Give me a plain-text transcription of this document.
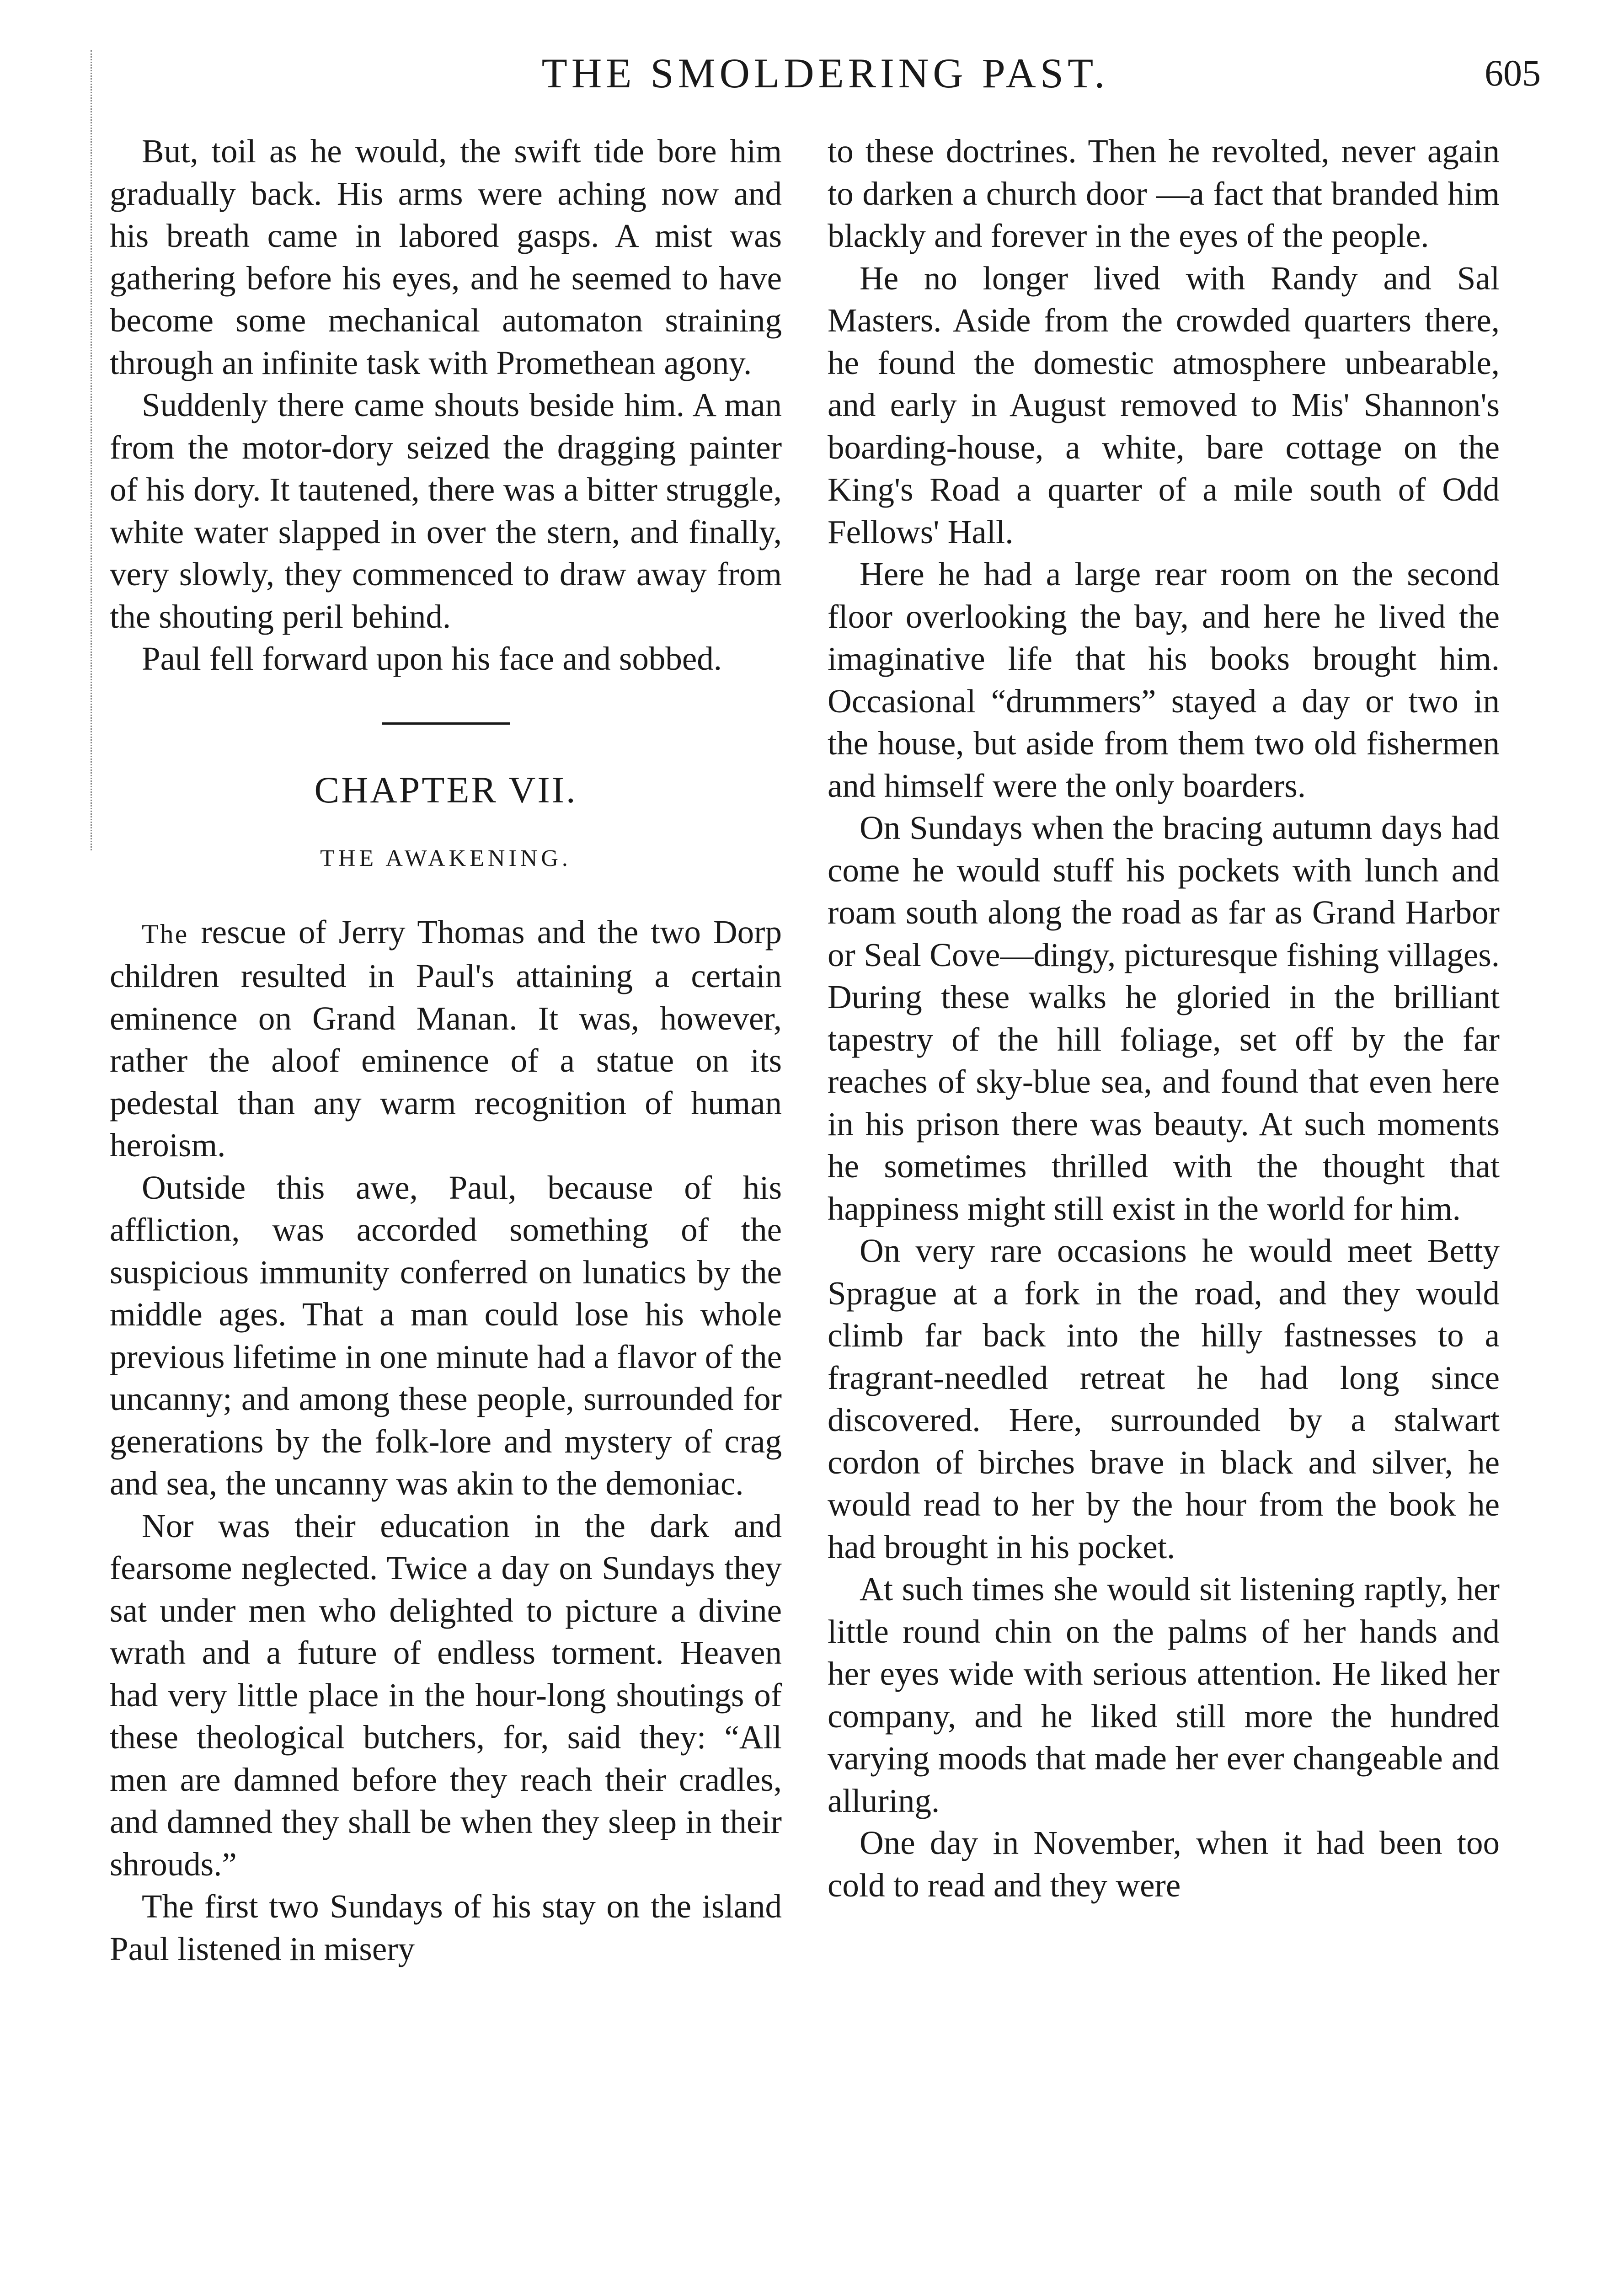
THE SMOLDERING PAST.	605

But, toil as he would, the swift tide bore him gradually back. His arms were aching now and his breath came in labored gasps. A mist was gathering before his eyes, and he seemed to have become some mechanical automaton straining through an infinite task with Promethean agony.

Suddenly there came shouts beside him. A man from the motor-dory seized the dragging painter of his dory. It tautened, there was a bitter struggle, white water slapped in over the stern, and finally, very slowly, they commenced to draw away from the shouting peril behind.

Paul fell forward upon his face and sobbed.

CHAPTER VII.

THE AWAKENING.

The rescue of Jerry Thomas and the two Dorp children resulted in Paul's attaining a certain eminence on Grand Manan. It was, however, rather the aloof eminence of a statue on its pedestal than any warm recognition of human heroism.

Outside this awe, Paul, because of his affliction, was accorded something of the suspicious immunity conferred on lunatics by the middle ages. That a man could lose his whole previous lifetime in one minute had a flavor of the uncanny; and among these people, surrounded for generations by the folk-lore and mystery of crag and sea, the uncanny was akin to the demoniac.

Nor was their education in the dark and fearsome neglected. Twice a day on Sundays they sat under men who delighted to picture a divine wrath and a future of endless torment. Heaven had very little place in the hour-long shoutings of these theological butchers, for, said they: “All men are damned before they reach their cradles, and damned they shall be when they sleep in their shrouds.”

The first two Sundays of his stay on the island Paul listened in misery

to these doctrines. Then he revolted, never again to darken a church door —a fact that branded him blackly and forever in the eyes of the people.

He no longer lived with Randy and Sal Masters. Aside from the crowded quarters there, he found the domestic atmosphere unbearable, and early in August removed to Mis' Shannon's boarding-house, a white, bare cottage on the King's Road a quarter of a mile south of Odd Fellows' Hall.

Here he had a large rear room on the second floor overlooking the bay, and here he lived the imaginative life that his books brought him. Occasional “drummers” stayed a day or two in the house, but aside from them two old fishermen and himself were the only boarders.

On Sundays when the bracing autumn days had come he would stuff his pockets with lunch and roam south along the road as far as Grand Harbor or Seal Cove—dingy, picturesque fishing villages. During these walks he gloried in the brilliant tapestry of the hill foliage, set off by the far reaches of sky-blue sea, and found that even here in his prison there was beauty. At such moments he sometimes thrilled with the thought that happiness might still exist in the world for him.

On very rare occasions he would meet Betty Sprague at a fork in the road, and they would climb far back into the hilly fastnesses to a fragrant-needled retreat he had long since discovered. Here, surrounded by a stalwart cordon of birches brave in black and silver, he would read to her by the hour from the book he had brought in his pocket.

At such times she would sit listening raptly, her little round chin on the palms of her hands and her eyes wide with serious attention. He liked her company, and he liked still more the hundred varying moods that made her ever changeable and alluring.

One day in November, when it had been too cold to read and they were
